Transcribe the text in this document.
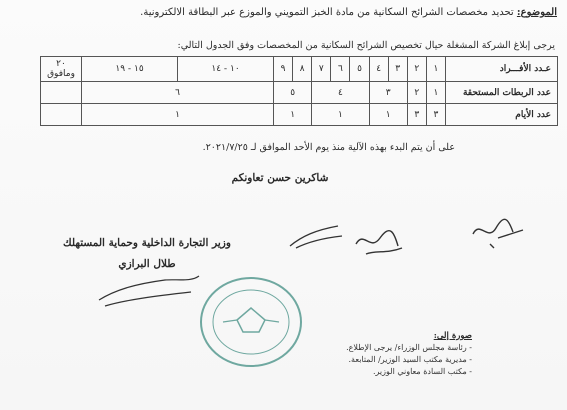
الموضوع: تحديد مخصصات الشرائح السكانية من مادة الخبز التمويني والموزع عبر البطاقة الالكترونية.
يرجى إبلاغ الشركة المشغلة حيال تخصيص الشرائح السكانية من المخصصات وفق الجدول التالي:
عـدد الأفـــراد	١	٢	٣	٤	٥	٦	٧	٨	٩	١٠ - ١٤	١٥ - ١٩	٢٠ ومافوق
عدد الربطات المستحقة	١	٢	٣		٤			٥		٦		
عدد الأيام	٣	٣	١		١			١		١		
على أن يتم البدء بهذه الآلية منذ يوم الأحد الموافق لـ ٢٠٢١/٧/٢٥.
شاكرين حسن تعاونكم
وزير التجارة الداخلية وحماية المستهلك
طلال البرازي
صورة إلى:
- رئاسة مجلس الوزراء/ يرجى الإطلاع.
- مديرية مكتب السيد الوزير/ المتابعة.
- مكتب السادة معاوني الوزير.
